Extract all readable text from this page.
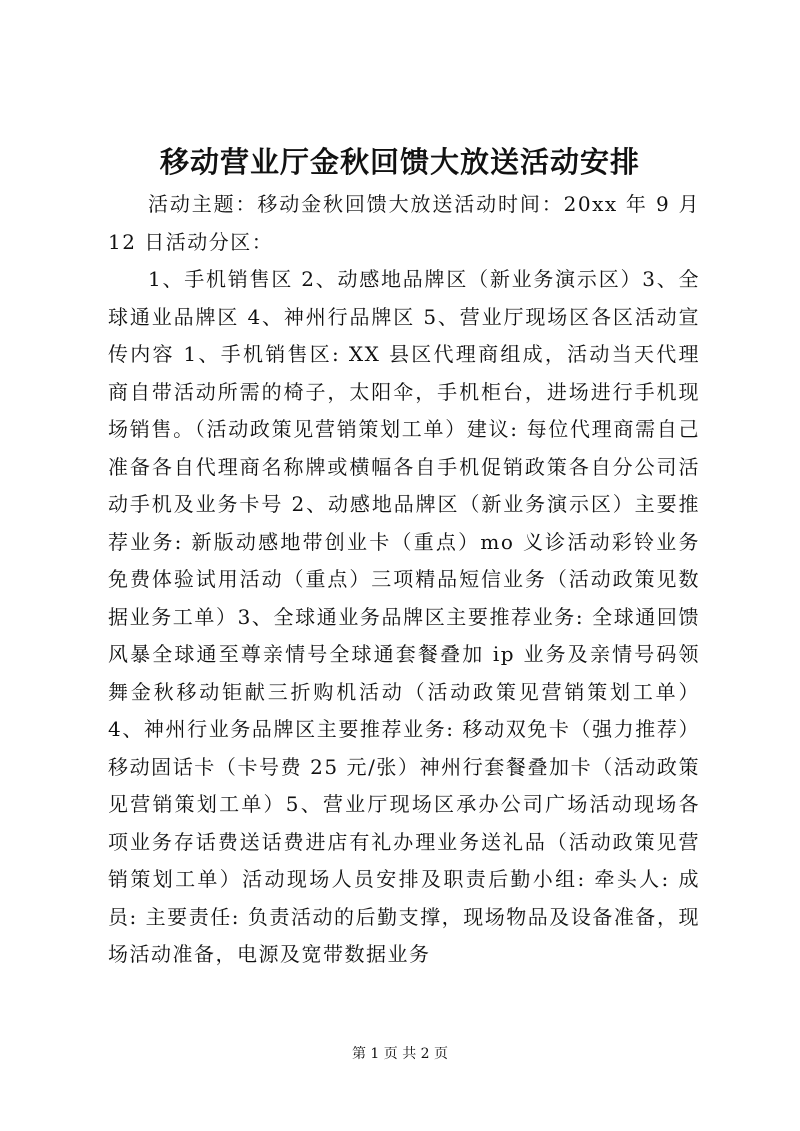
移动营业厅金秋回馈大放送活动安排

活动主题：移动金秋回馈大放送活动时间：20xx 年 9 月 12 日活动分区：

1、手机销售区 2、动感地品牌区（新业务演示区）3、全球通业品牌区 4、神州行品牌区 5、营业厅现场区各区活动宣传内容 1、手机销售区: XX 县区代理商组成，活动当天代理商自带活动所需的椅子，太阳伞，手机柜台，进场进行手机现场销售。（活动政策见营销策划工单）建议: 每位代理商需自己准备各自代理商名称牌或横幅各自手机促销政策各自分公司活动手机及业务卡号 2、动感地品牌区（新业务演示区）主要推荐业务: 新版动感地带创业卡（重点）mo 义诊活动彩铃业务免费体验试用活动（重点）三项精品短信业务（活动政策见数据业务工单）3、全球通业务品牌区主要推荐业务: 全球通回馈风暴全球通至尊亲情号全球通套餐叠加 ip 业务及亲情号码领舞金秋移动钜献三折购机活动（活动政策见营销策划工单）4、神州行业务品牌区主要推荐业务: 移动双免卡（强力推荐）移动固话卡（卡号费 25 元/张）神州行套餐叠加卡（活动政策见营销策划工单）5、营业厅现场区承办公司广场活动现场各项业务存话费送话费进店有礼办理业务送礼品（活动政策见营销策划工单）活动现场人员安排及职责后勤小组: 牵头人: 成员: 主要责任: 负责活动的后勤支撑，现场物品及设备准备，现场活动准备，电源及宽带数据业务

第 1 页 共 2 页
